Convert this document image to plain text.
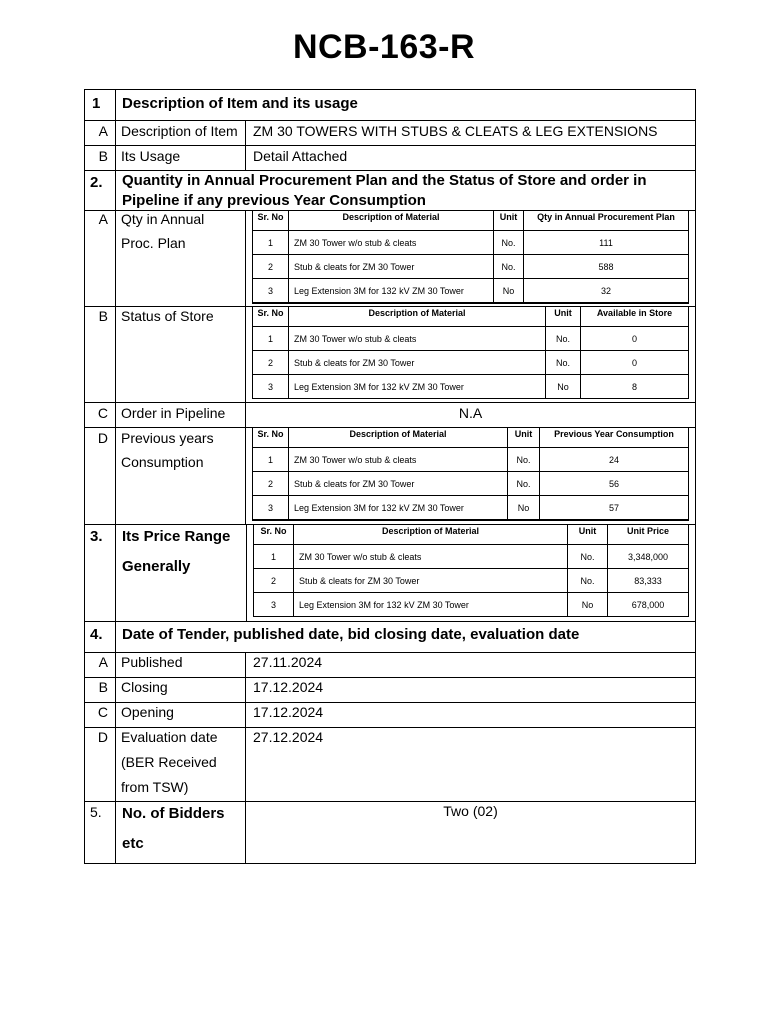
NCB-163-R
1 Description of Item and its usage
A Description of Item ZM 30 TOWERS WITH STUBS & CLEATS & LEG EXTENSIONS
B Its Usage	Detail Attached
2. Quantity in Annual Procurement Plan and the Status of Store and order in
Pipeline if any previous Year Consumption
A Qty in Annual
Proc. Plan
Sr. No	Description of Material	Unit	Qty in Annual Procurement Plan
1	ZM 30 Tower w/o stub & cleats	No.	111
2	Stub & cleats for ZM 30 Tower	No.	588
3	Leg Extension 3M for 132 kV ZM 30 Tower	No	32
B Status of Store	Sr. No	Description of Material	Unit	Available in Store
1	ZM 30 Tower w/o stub & cleats	No.	0
2	Stub & cleats for ZM 30 Tower	No.	0
3	Leg Extension 3M for 132 kV ZM 30 Tower	No	8
C Order in Pipeline	N.A
D Previous years
Consumption
Sr. No	Description of Material	Unit	Previous Year Consumption
1	ZM 30 Tower w/o stub & cleats	No.	24
2	Stub & cleats for ZM 30 Tower	No.	56
3	Leg Extension 3M for 132 kV ZM 30 Tower	No	57
3. Its Price Range
Generally
Sr. No	Description of Material	Unit	Unit Price
1	ZM 30 Tower w/o stub & cleats	No.	3,348,000
2	Stub & cleats for ZM 30 Tower	No.	83,333
3	Leg Extension 3M for 132 kV ZM 30 Tower	No	678,000
4. Date of Tender, published date, bid closing date, evaluation date
A Published	27.11.2024
B Closing	17.12.2024
C Opening	17.12.2024
D Evaluation date
(BER Received
from TSW)
27.12.2024
5. No. of Bidders
etc
Two (02)
